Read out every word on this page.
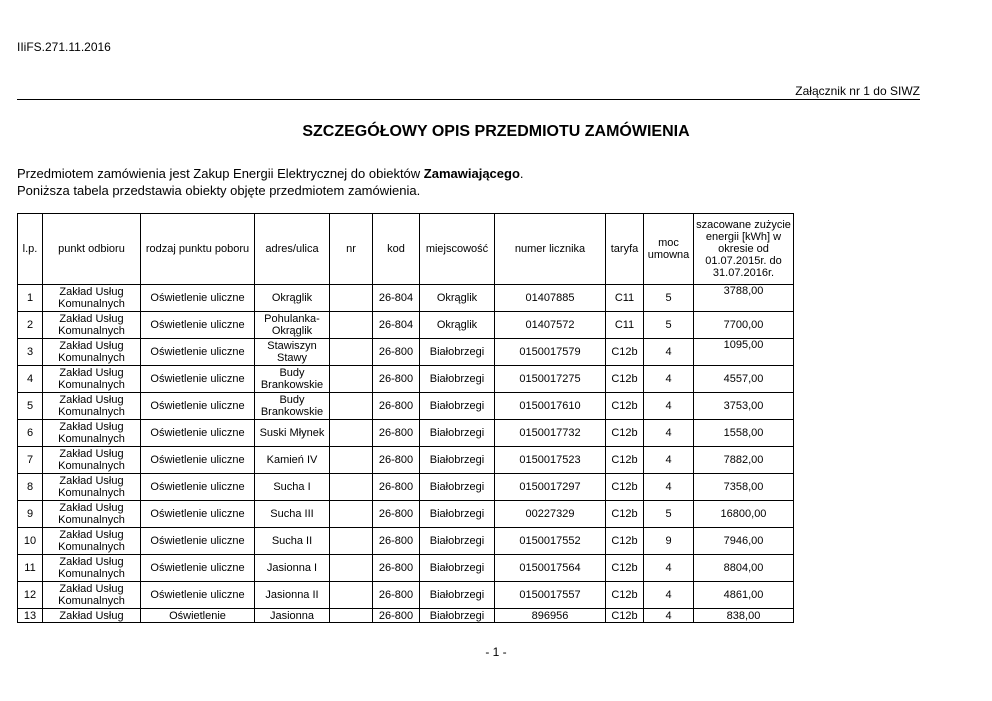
IIiFS.271.11.2016
Załącznik nr 1 do SIWZ
SZCZEGÓŁOWY OPIS PRZEDMIOTU ZAMÓWIENIA
Przedmiotem zamówienia jest Zakup Energii Elektrycznej do obiektów Zamawiającego.
Poniższa tabela przedstawia obiekty objęte przedmiotem zamówienia.
l.p.	punkt odbioru	rodzaj punktu poboru	adres/ulica	nr	kod	miejscowość	numer licznika	taryfa	moc umowna	szacowane zużycie energii [kWh] w okresie od 01.07.2015r. do 31.07.2016r.
1	Zakład Usług Komunalnych	Oświetlenie uliczne	Okrąglik		26-804	Okrąglik	01407885	C11	5	3788,00
2	Zakład Usług Komunalnych	Oświetlenie uliczne	Pohulanka-Okrąglik		26-804	Okrąglik	01407572	C11	5	7700,00
3	Zakład Usług Komunalnych	Oświetlenie uliczne	Stawiszyn Stawy		26-800	Białobrzegi	0150017579	C12b	4	1095,00
4	Zakład Usług Komunalnych	Oświetlenie uliczne	Budy Brankowskie		26-800	Białobrzegi	0150017275	C12b	4	4557,00
5	Zakład Usług Komunalnych	Oświetlenie uliczne	Budy Brankowskie		26-800	Białobrzegi	0150017610	C12b	4	3753,00
6	Zakład Usług Komunalnych	Oświetlenie uliczne	Suski Młynek		26-800	Białobrzegi	0150017732	C12b	4	1558,00
7	Zakład Usług Komunalnych	Oświetlenie uliczne	Kamień IV		26-800	Białobrzegi	0150017523	C12b	4	7882,00
8	Zakład Usług Komunalnych	Oświetlenie uliczne	Sucha I		26-800	Białobrzegi	0150017297	C12b	4	7358,00
9	Zakład Usług Komunalnych	Oświetlenie uliczne	Sucha III		26-800	Białobrzegi	00227329	C12b	5	16800,00
10	Zakład Usług Komunalnych	Oświetlenie uliczne	Sucha II		26-800	Białobrzegi	0150017552	C12b	9	7946,00
11	Zakład Usług Komunalnych	Oświetlenie uliczne	Jasionna I		26-800	Białobrzegi	0150017564	C12b	4	8804,00
12	Zakład Usług Komunalnych	Oświetlenie uliczne	Jasionna II		26-800	Białobrzegi	0150017557	C12b	4	4861,00
13	Zakład Usług	Oświetlenie	Jasionna		26-800	Białobrzegi	896956	C12b	4	838,00
- 1 -
